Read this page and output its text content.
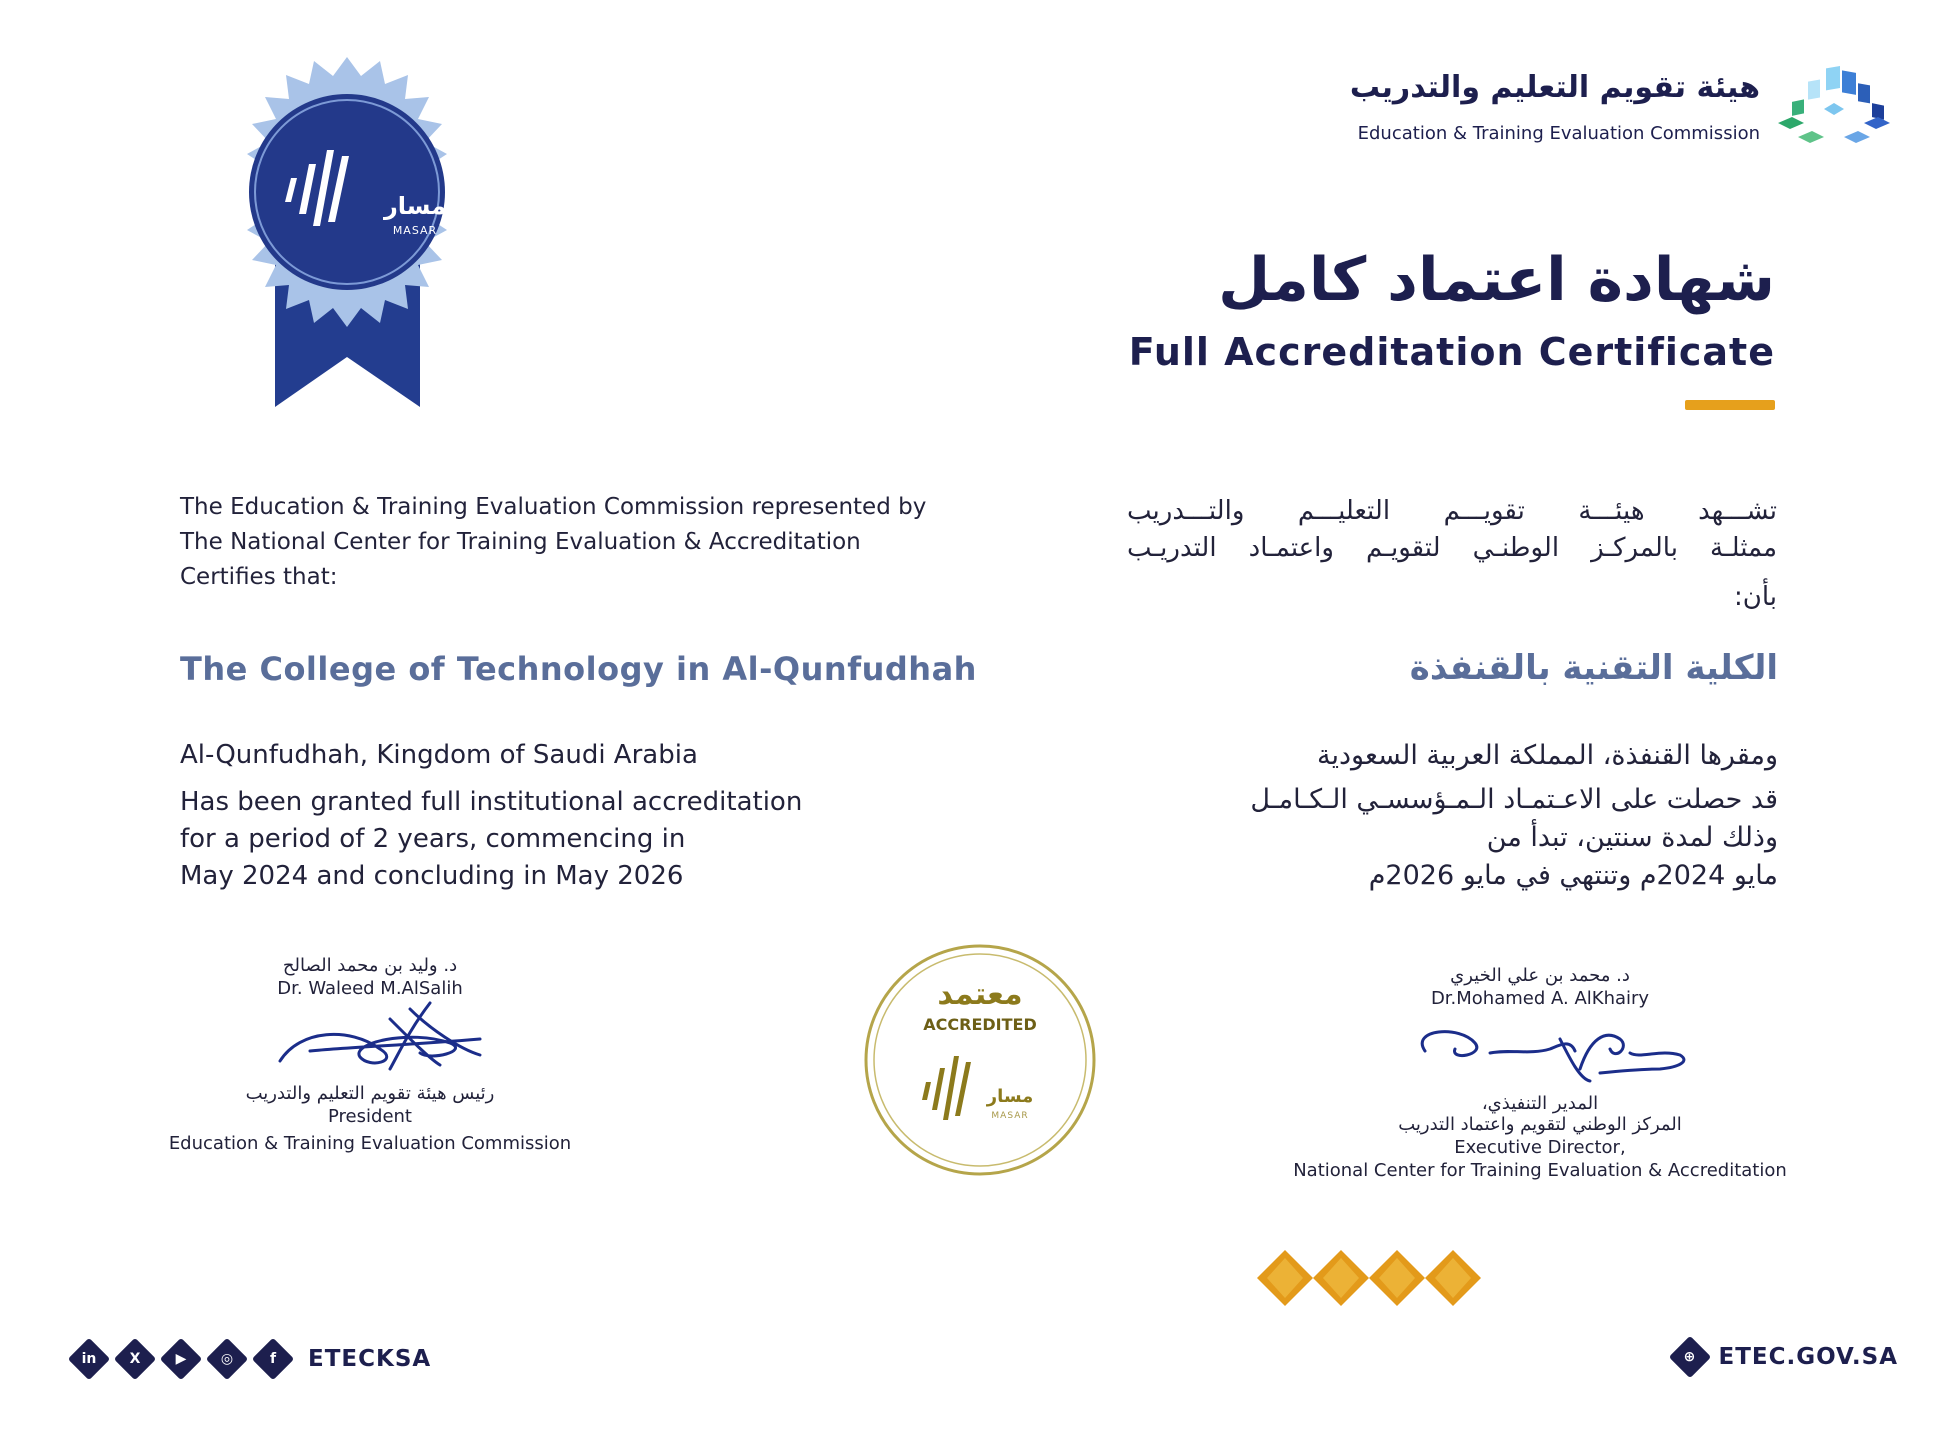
هيئة تقويم التعليم والتدريب
Education & Training Evaluation Commission
مسار
MASAR
شهادة اعتماد كامل
Full Accreditation Certificate
The Education & Training Evaluation Commission represented by
The National Center for Training Evaluation & Accreditation
Certifies that:
تشـــهد هيئـــة تقويـــم التعليـــم والتـــدريب
ممثلـة بالمركـز الوطنـي لتقويـم واعتمـاد التدريـب
بأن:
The College of Technology in Al-Qunfudhah	الكلية التقنية بالقنفذة
Al-Qunfudhah, Kingdom of Saudi Arabia
Has been granted full institutional accreditation
for a period of 2 years, commencing in
May 2024 and concluding in May 2026
ومقرها القنفذة، المملكة العربية السعودية
قد حصلت على الاعـتمـاد الـمـؤسسـي الـكـامـل
وذلك لمدة سنتين، تبدأ من
مايو 2024م وتنتهي في مايو 2026م
د. وليد بن محمد الصالح
Dr. Waleed M.AlSalih
رئيس هيئة تقويم التعليم والتدريب
President
Education & Training Evaluation Commission
معتمد
ACCREDITED
مسار
MASAR
د. محمد بن علي الخيري
Dr.Mohamed A. AlKhairy
المدير التنفيذي،
المركز الوطني لتقويم واعتماد التدريب
Executive Director,
National Center for Training Evaluation & Accreditation
in	X	▶	◎	f	ETECKSA	⊕	ETEC.GOV.SA
